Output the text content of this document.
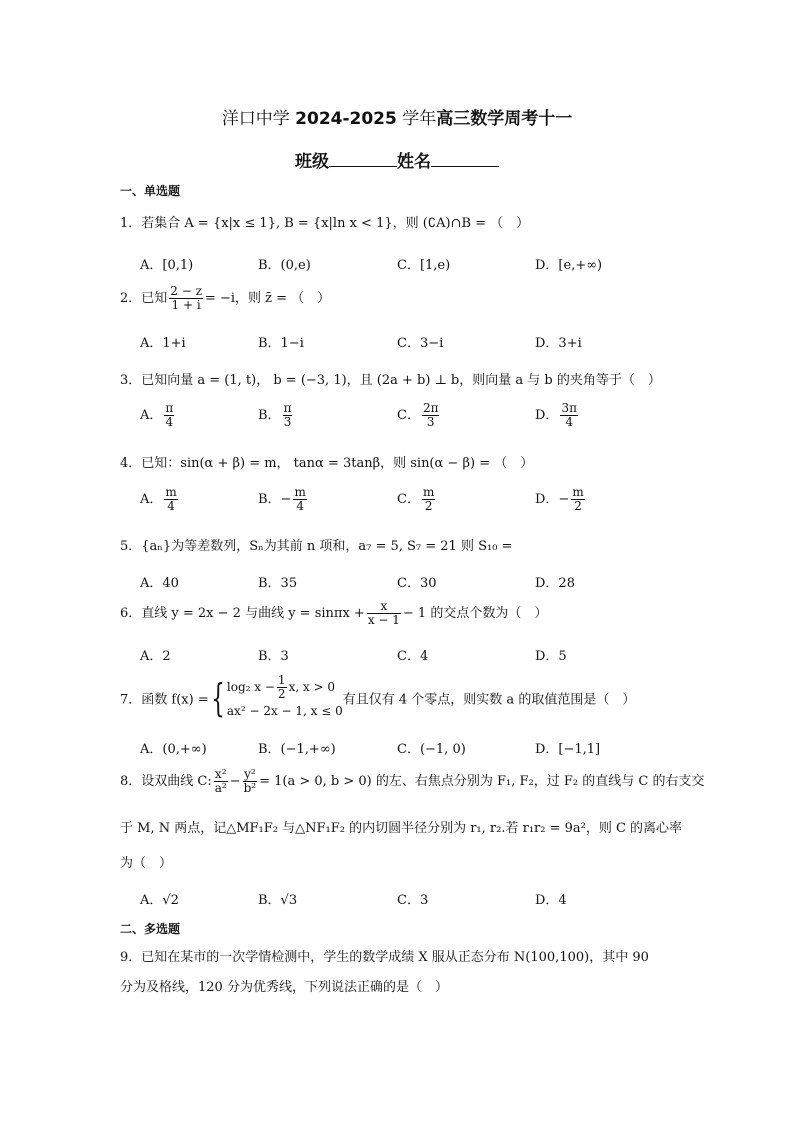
洋口中学 2024-2025 学年高三数学周考十一
班级	姓名
一、单选题
1．若集合 A = {x|x ≤ 1}, B = {x|ln x < 1}，则 (∁A)∩B = （　）
A．[0,1)	B．(0,e)	C．[1,e)	D．[e,+∞)
2．已知 $\frac{2 - z}{1 + i} = -i$，则 z̄ = （　）
A．1+i	B．1−i	C．3−i	D．3+i
3．已知向量 a = (1, t)， b = (−3, 1)，且 (2a + b) ⊥ b，则向量 a 与 b 的夹角等于（　）
A． $\frac{\pi}{4}$	B． $\frac{\pi}{3}$	C． $\frac{2\pi}{3}$	D． $\frac{3\pi}{4}$
4．已知：sin(α + β) = m， tanα = 3tanβ，则 sin(α − β) = （　）
A． $\frac{m}{4}$	B．− $\frac{m}{4}$	C． $\frac{m}{2}$	D．− $\frac{m}{2}$
5．{aₙ}为等差数列，Sₙ为其前 n 项和，a₇ = 5, S₇ = 21 则 S₁₀ =
A．40	B．35	C．30	D．28
6．直线 y = 2x − 2 与曲线 $y = \sin\pi x + \frac{x}{x - 1} - 1$ 的交点个数为（　）
A．2	B．3	C．4	D．5
7．函数 f(x) ={ log₂ $x - \frac{1}{2} x$, x > 0
ax² − 2x − 1, x ≤ 0
有且仅有 4 个零点，则实数 a 的取值范围是（　）
A．(0,+∞)	B．(−1,+∞)	C．(−1, 0)	D．[−1,1]
8．设双曲线 C: $\frac{\text{x²}}{\text{a²}} - \frac{\text{y²}}{\text{b²}} = 1(a > 0$, b > 0) 的左、右焦点分别为 F₁, F₂，过 F₂ 的直线与 C 的右支交
于 M, N 两点，记△MF₁F₂ 与△NF₁F₂ 的内切圆半径分别为 r₁, r₂.若 r₁r₂ = 9a²，则 C 的离心率
为（　）
A．√2	B．√3	C．3	D．4
二、多选题
9．已知在某市的一次学情检测中，学生的数学成绩 X 服从正态分布 N(100,100)，其中 90
分为及格线，120 分为优秀线，下列说法正确的是（　）
